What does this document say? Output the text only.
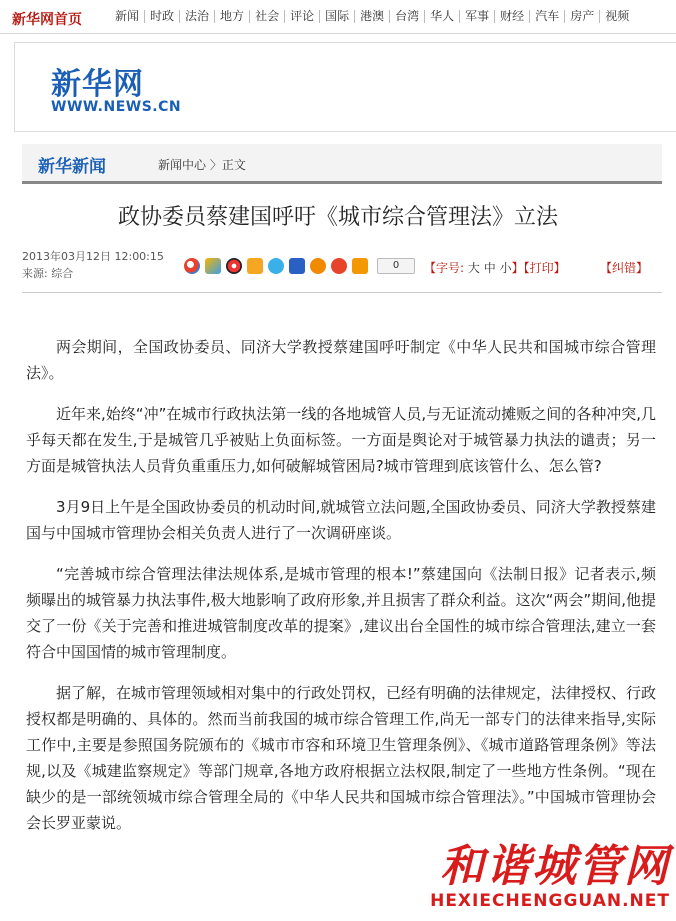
新华网首页	新闻 时政 法治 地方 社会 评论 国际 港澳 台湾 华人 军事 财经 汽车 房产 视频
新华网
WWW.NEWS.CN
新华新闻	新闻中心 〉正文
政协委员蔡建国呼吁《城市综合管理法》立法
2013年03月12日 12:00:15
来源: 综合
0	【字号: 大 中 小】【打印】	【纠错】

两会期间，全国政协委员、同济大学教授蔡建国呼吁制定《中华人民共和国城市综合管理法》。

近年来,始终“冲”在城市行政执法第一线的各地城管人员,与无证流动摊贩之间的各种冲突,几乎每天都在发生,于是城管几乎被贴上负面标签。一方面是舆论对于城管暴力执法的谴责；另一方面是城管执法人员背负重重压力,如何破解城管困局?城市管理到底该管什么、怎么管?

3月9日上午是全国政协委员的机动时间,就城管立法问题,全国政协委员、同济大学教授蔡建国与中国城市管理协会相关负责人进行了一次调研座谈。

“完善城市综合管理法律法规体系,是城市管理的根本!”蔡建国向《法制日报》记者表示,频频曝出的城管暴力执法事件,极大地影响了政府形象,并且损害了群众利益。这次“两会”期间,他提交了一份《关于完善和推进城管制度改革的提案》,建议出台全国性的城市综合管理法,建立一套符合中国国情的城市管理制度。

据了解，在城市管理领域相对集中的行政处罚权，已经有明确的法律规定，法律授权、行政授权都是明确的、具体的。然而当前我国的城市综合管理工作,尚无一部专门的法律来指导,实际工作中,主要是参照国务院颁布的《城市市容和环境卫生管理条例》、《城市道路管理条例》等法规,以及《城建监察规定》等部门规章,各地方政府根据立法权限,制定了一些地方性条例。“现在缺少的是一部统领城市综合管理全局的《中华人民共和国城市综合管理法》。”中国城市管理协会会长罗亚蒙说。

和谐城管网
HEXIECHENGGUAN.NET
